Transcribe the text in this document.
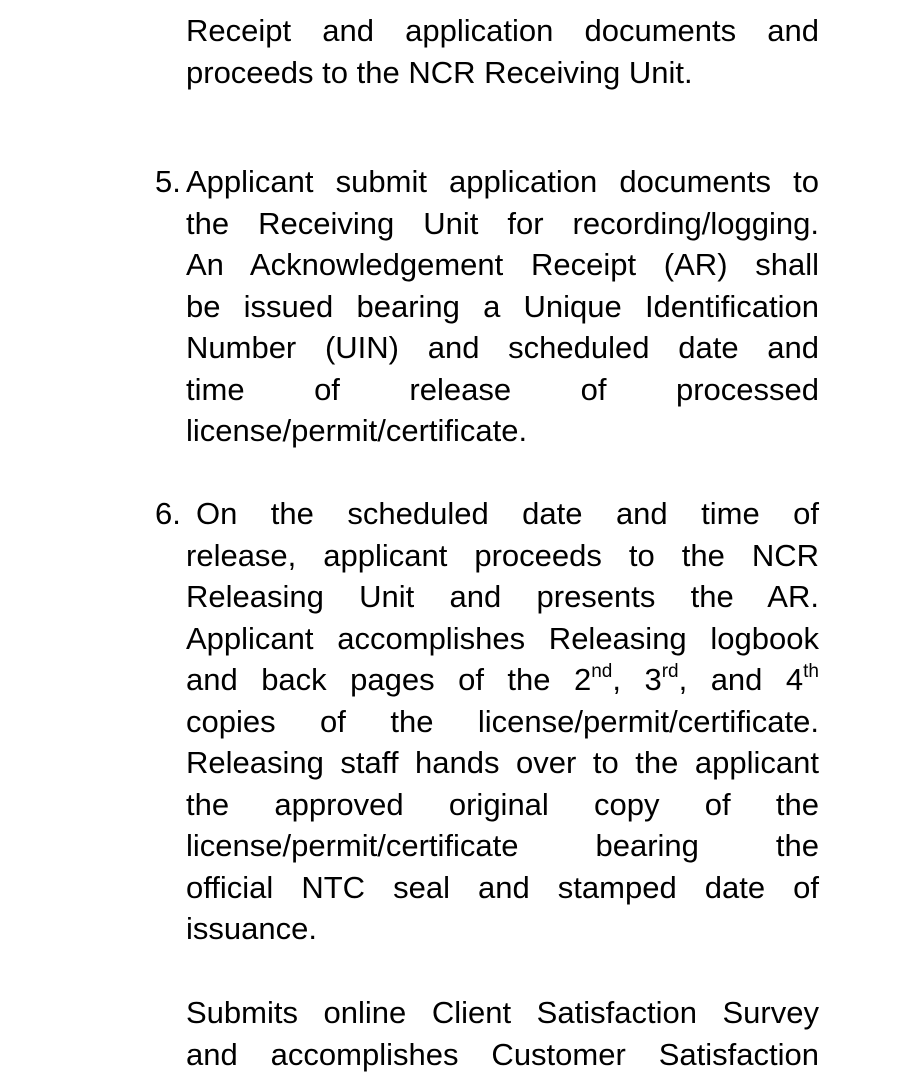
Receipt and application documents and
proceeds to the NCR Receiving Unit.
5. Applicant submit application documents to
the Receiving Unit for recording/logging.
An Acknowledgement Receipt (AR) shall
be issued bearing a Unique Identification
Number (UIN) and scheduled date and
time of release of processed
license/permit/certificate.
6. On the scheduled date and time of
release, applicant proceeds to the NCR
Releasing Unit and presents the AR.
Applicant accomplishes Releasing logbook
and back pages of the 2nd, 3rd, and 4th
copies of the license/permit/certificate.
Releasing staff hands over to the applicant
the approved original copy of the
license/permit/certificate bearing the
official NTC seal and stamped date of
issuance.
Submits online Client Satisfaction Survey
and accomplishes Customer Satisfaction
